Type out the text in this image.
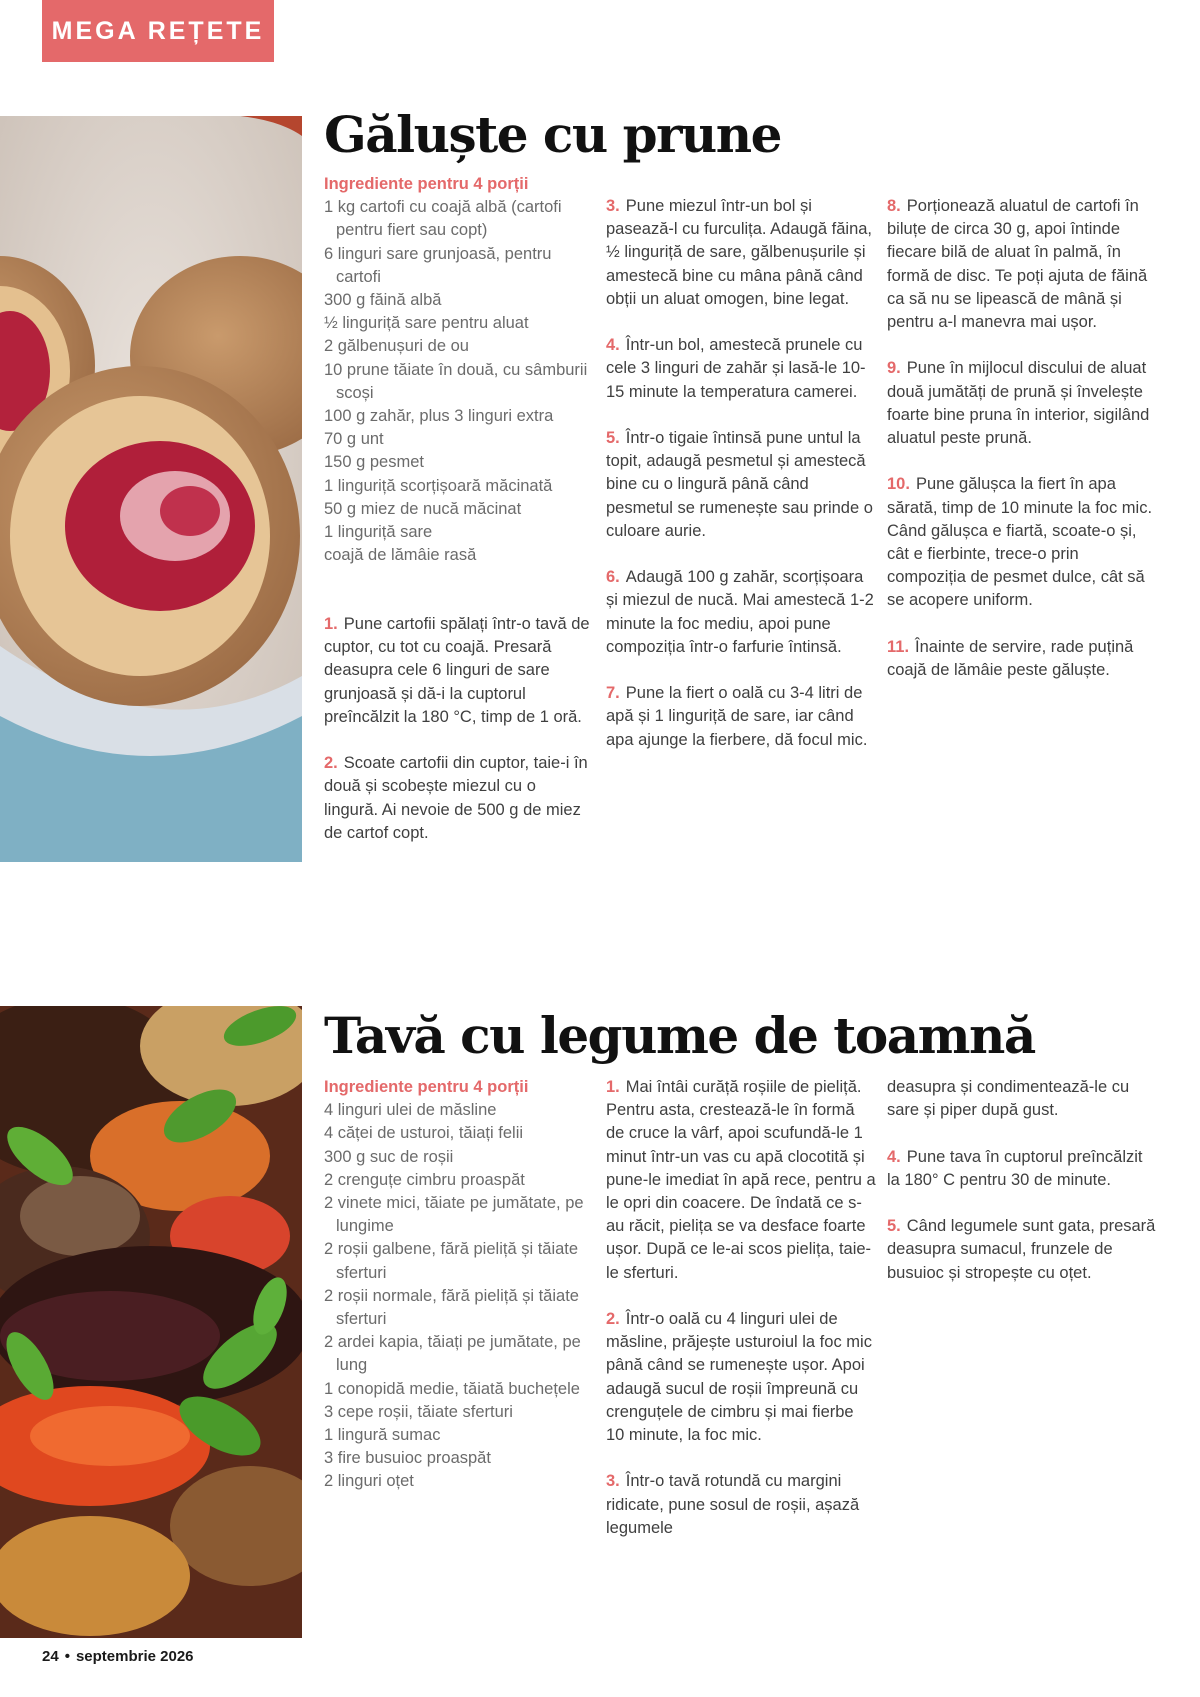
MEGA REȚETE
Găluște cu prune

Ingrediente pentru 4 porții

1 kg cartofi cu coajă albă (cartofi pentru fiert sau copt)
6 linguri sare grunjoasă, pentru cartofi
300 g făină albă
½ linguriță sare pentru aluat
2 gălbenușuri de ou
10 prune tăiate în două, cu sâmburii scoși
100 g zahăr, plus 3 linguri extra
70 g unt
150 g pesmet
1 linguriță scorțișoară măcinată
50 g miez de nucă măcinat
1 linguriță sare
coajă de lămâie rasă
1. Pune cartofii spălați într-o tavă de cuptor, cu tot cu coajă. Presară deasupra cele 6 linguri de sare grunjoasă și dă-i la cuptorul preîncălzit la 180 °C, timp de 1 oră.
2. Scoate cartofii din cuptor, taie-i în două și scobește miezul cu o lingură. Ai nevoie de 500 g de miez de cartof copt.
3. Pune miezul într-un bol și pasează-l cu furculița. Adaugă făina, ½ linguriță de sare, gălbenușurile și amestecă bine cu mâna până când obții un aluat omogen, bine legat.
4. Într-un bol, amestecă prunele cu cele 3 linguri de zahăr și lasă-le 10-15 minute la temperatura camerei.
5. Într-o tigaie întinsă pune untul la topit, adaugă pesmetul și amestecă bine cu o lingură până când pesmetul se rumenește sau prinde o culoare aurie.
6. Adaugă 100 g zahăr, scorțișoara și miezul de nucă. Mai amestecă 1-2 minute la foc mediu, apoi pune compoziția într-o farfurie întinsă.
7. Pune la fiert o oală cu 3-4 litri de apă și 1 linguriță de sare, iar când apa ajunge la fierbere, dă focul mic.
8. Porționează aluatul de cartofi în biluțe de circa 30 g, apoi întinde fiecare bilă de aluat în palmă, în formă de disc. Te poți ajuta de făină ca să nu se lipească de mână și pentru a-l manevra mai ușor.
9. Pune în mijlocul discului de aluat două jumătăți de prună și învelește foarte bine pruna în interior, sigilând aluatul peste prună.
10. Pune gălușca la fiert în apa sărată, timp de 10 minute la foc mic. Când gălușca e fiartă, scoate-o și, cât e fierbinte, trece-o prin compoziția de pesmet dulce, cât să se acopere uniform.
11. Înainte de servire, rade puțină coajă de lămâie peste găluște.
Tavă cu legume de toamnă

Ingrediente pentru 4 porții

4 linguri ulei de măsline
4 căței de usturoi, tăiați felii
300 g suc de roșii
2 crenguțe cimbru proaspăt
2 vinete mici, tăiate pe jumătate, pe lungime
2 roșii galbene, fără pieliță și tăiate sferturi
2 roșii normale, fără pieliță și tăiate sferturi
2 ardei kapia, tăiați pe jumătate, pe lung
1 conopidă medie, tăiată buchețele
3 cepe roșii, tăiate sferturi
1 lingură sumac
3 fire busuioc proaspăt
2 linguri oțet
1. Mai întâi curăță roșiile de pieliță. Pentru asta, crestează-le în formă de cruce la vârf, apoi scufundă-le 1 minut într-un vas cu apă clocotită și pune-le imediat în apă rece, pentru a le opri din coacere. De îndată ce s-au răcit, pielița se va desface foarte ușor. După ce le-ai scos pielița, taie-le sferturi.
2. Într-o oală cu 4 linguri ulei de măsline, prăjește usturoiul la foc mic până când se rumenește ușor. Apoi adaugă sucul de roșii împreună cu crenguțele de cimbru și mai fierbe 10 minute, la foc mic.
3. Într-o tavă rotundă cu margini ridicate, pune sosul de roșii, așază legumele
deasupra și condimentează-le cu sare și piper după gust.
4. Pune tava în cuptorul preîncălzit la 180° C pentru 30 de minute.
5. Când legumele sunt gata, presară deasupra sumacul, frunzele de busuioc și stropește cu oțet.
24 • septembrie 2026
